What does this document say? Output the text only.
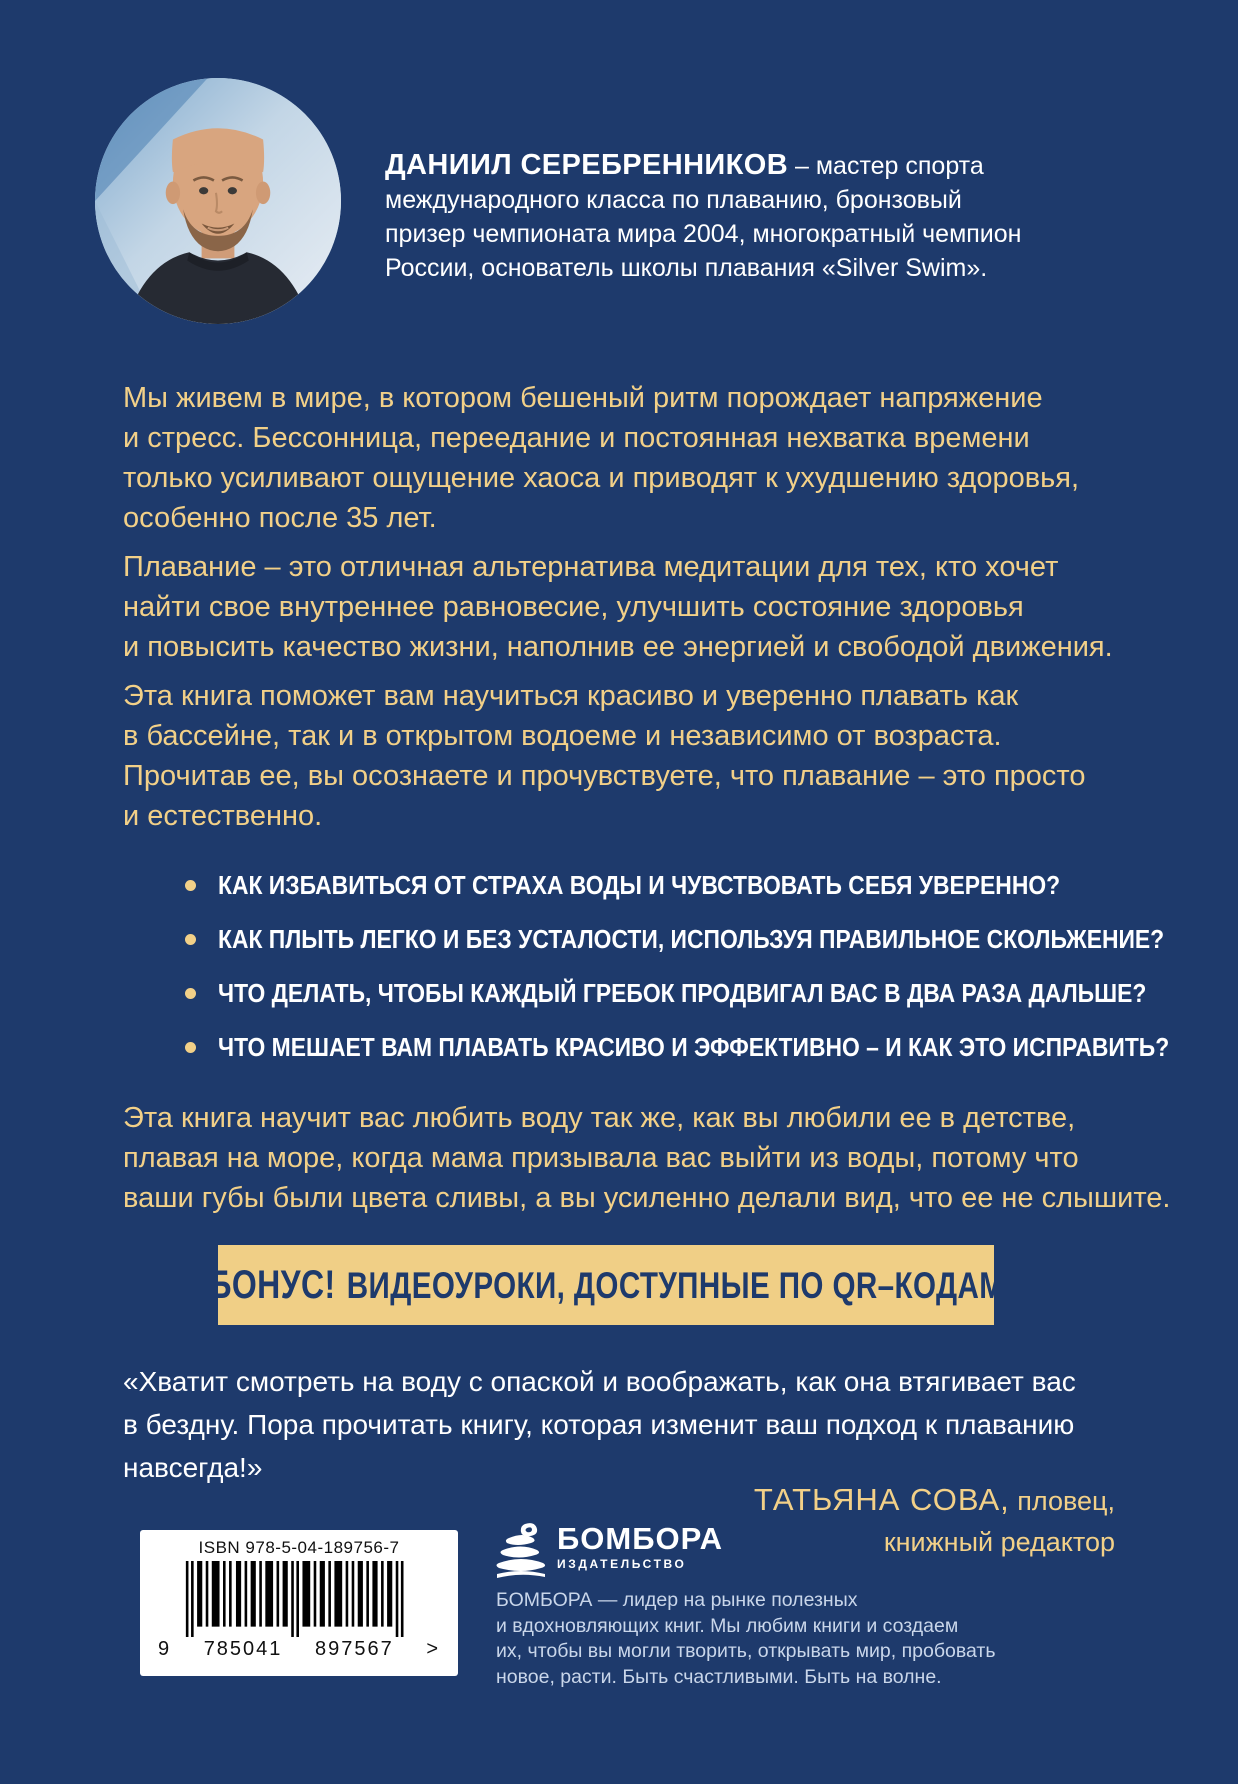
ДАНИИЛ СЕРЕБРЕННИКОВ – мастер спорта
международного класса по плаванию, бронзовый
призер чемпионата мира 2004, многократный чемпион
России, основатель школы плавания «Silver Swim».
Мы живем в мире, в котором бешеный ритм порождает напряжение
и стресс. Бессонница, переедание и постоянная нехватка времени
только усиливают ощущение хаоса и приводят к ухудшению здоровья,
особенно после 35 лет.
Плавание – это отличная альтернатива медитации для тех, кто хочет
найти свое внутреннее равновесие, улучшить состояние здоровья
и повысить качество жизни, наполнив ее энергией и свободой движения.
Эта книга поможет вам научиться красиво и уверенно плавать как
в бассейне, так и в открытом водоеме и независимо от возраста.
Прочитав ее, вы осознаете и прочувствуете, что плавание – это просто
и естественно.
КАК ИЗБАВИТЬСЯ ОТ СТРАХА ВОДЫ И ЧУВСТВОВАТЬ СЕБЯ УВЕРЕННО?
КАК ПЛЫТЬ ЛЕГКО И БЕЗ УСТАЛОСТИ, ИСПОЛЬЗУЯ ПРАВИЛЬНОЕ СКОЛЬЖЕНИЕ?
ЧТО ДЕЛАТЬ, ЧТОБЫ КАЖДЫЙ ГРЕБОК ПРОДВИГАЛ ВАС В ДВА РАЗА ДАЛЬШЕ?
ЧТО МЕШАЕТ ВАМ ПЛАВАТЬ КРАСИВО И ЭФФЕКТИВНО – И КАК ЭТО ИСПРАВИТЬ?
Эта книга научит вас любить воду так же, как вы любили ее в детстве,
плавая на море, когда мама призывала вас выйти из воды, потому что
ваши губы были цвета сливы, а вы усиленно делали вид, что ее не слышите.
БОНУС! ВИДЕОУРОКИ, ДОСТУПНЫЕ ПО QR–КОДАМ
«Хватит смотреть на воду с опаской и воображать, как она втягивает вас
в бездну. Пора прочитать книгу, которая изменит ваш подход к плаванию
навсегда!»
ТАТЬЯНА СОВА, пловец,
книжный редактор
ISBN 978-5-04-189756-7
9 785041 897567 >
БОМБОРА
ИЗДАТЕЛЬСТВО
БОМБОРА — лидер на рынке полезных
и вдохновляющих книг. Мы любим книги и создаем
их, чтобы вы могли творить, открывать мир, пробовать
новое, расти. Быть счастливыми. Быть на волне.
